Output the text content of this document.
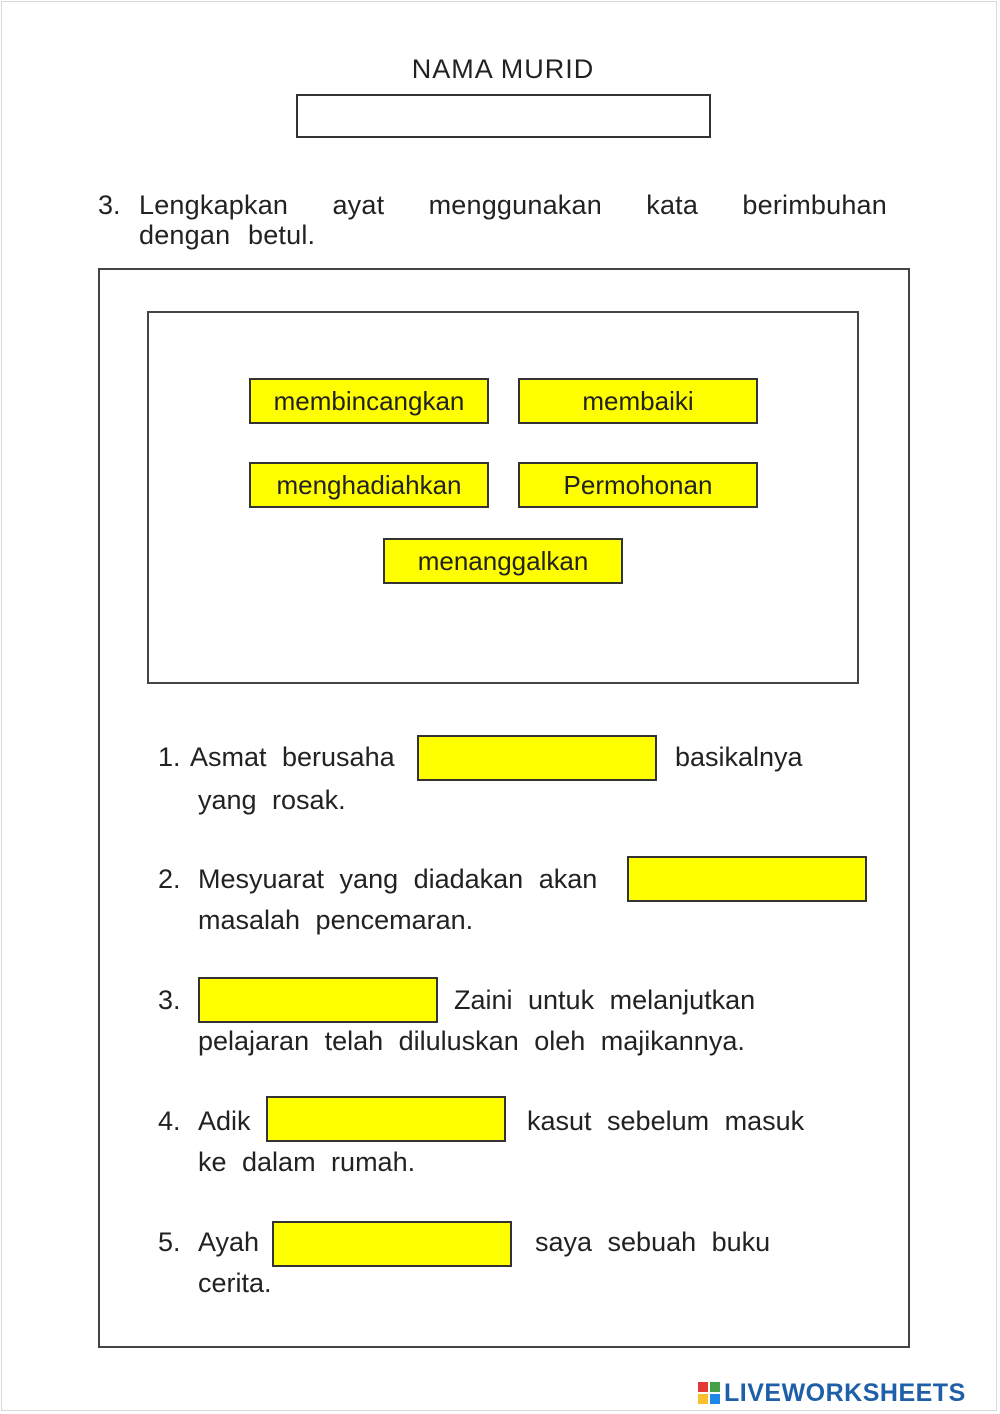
NAMA MURID
3. Lengkapkan ayat menggunakan kata berimbuhan dengan betul.
membincangkan	membaiki
menghadiahkan	Permohonan
menanggalkan
1. Asmat berusaha	basikalnya
yang rosak.
2. Mesyuarat yang diadakan akan
masalah pencemaran.
3.	Zaini untuk melanjutkan
pelajaran telah diluluskan oleh majikannya.
4. Adik	kasut sebelum masuk
ke dalam rumah.
5. Ayah	saya sebuah buku
cerita.
LIVEWORKSHEETS
